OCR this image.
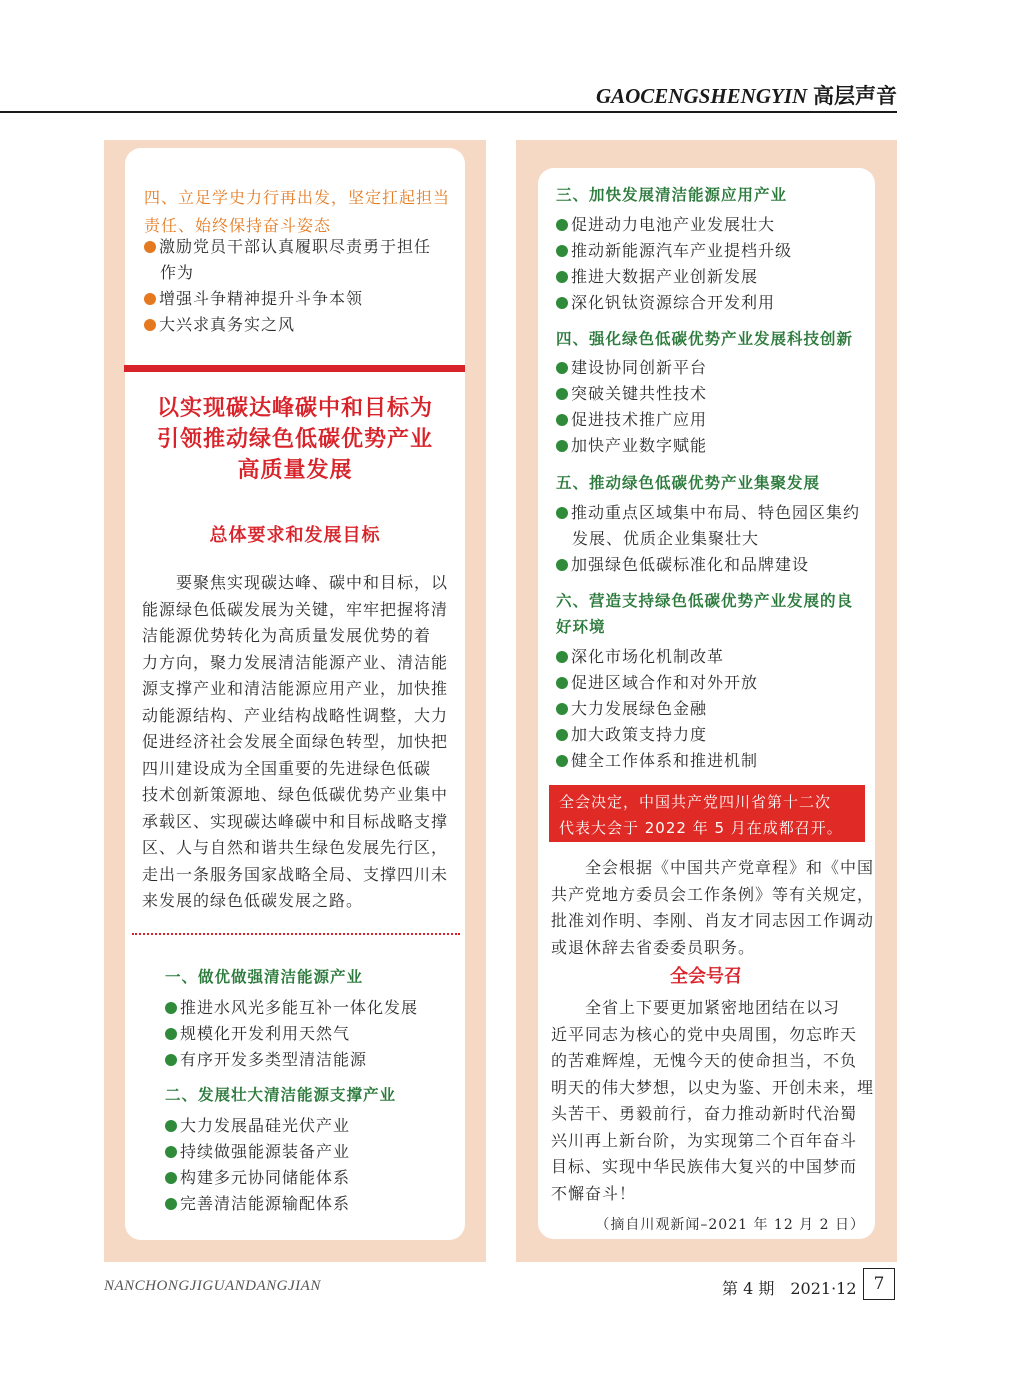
GAOCENGSHENGYIN 高层声音
四、立足学史力行再出发，坚定扛起担当
责任、始终保持奋斗姿态
激励党员干部认真履职尽责勇于担任
作为
增强斗争精神提升斗争本领
大兴求真务实之风
以实现碳达峰碳中和目标为
引领推动绿色低碳优势产业
高质量发展
总体要求和发展目标

　　要聚焦实现碳达峰、碳中和目标，以

能源绿色低碳发展为关键，牢牢把握将清

洁能源优势转化为高质量发展优势的着

力方向，聚力发展清洁能源产业、清洁能

源支撑产业和清洁能源应用产业，加快推

动能源结构、产业结构战略性调整，大力

促进经济社会发展全面绿色转型，加快把

四川建设成为全国重要的先进绿色低碳

技术创新策源地、绿色低碳优势产业集中

承载区、实现碳达峰碳中和目标战略支撑

区、人与自然和谐共生绿色发展先行区，

走出一条服务国家战略全局、支撑四川未

来发展的绿色低碳发展之路。

一、做优做强清洁能源产业
推进水风光多能互补一体化发展
规模化开发利用天然气
有序开发多类型清洁能源
二、发展壮大清洁能源支撑产业
大力发展晶硅光伏产业
持续做强能源装备产业
构建多元协同储能体系
完善清洁能源输配体系
三、加快发展清洁能源应用产业
促进动力电池产业发展壮大
推动新能源汽车产业提档升级
推进大数据产业创新发展
深化钒钛资源综合开发利用
四、强化绿色低碳优势产业发展科技创新
建设协同创新平台
突破关键共性技术
促进技术推广应用
加快产业数字赋能
五、推动绿色低碳优势产业集聚发展
推动重点区域集中布局、特色园区集约
发展、优质企业集聚壮大
加强绿色低碳标准化和品牌建设
六、营造支持绿色低碳优势产业发展的良
好环境
深化市场化机制改革
促进区域合作和对外开放
大力发展绿色金融
加大政策支持力度
健全工作体系和推进机制
全会决定，中国共产党四川省第十二次
代表大会于 2022 年 5 月在成都召开。

　　全会根据《中国共产党章程》和《中国

共产党地方委员会工作条例》等有关规定，

批准刘作明、李刚、肖友才同志因工作调动

或退休辞去省委委员职务。

全会号召

　　全省上下要更加紧密地团结在以习

近平同志为核心的党中央周围，勿忘昨天

的苦难辉煌，无愧今天的使命担当，不负

明天的伟大梦想，以史为鉴、开创未来，埋

头苦干、勇毅前行，奋力推动新时代治蜀

兴川再上新台阶，为实现第二个百年奋斗

目标、实现中华民族伟大复兴的中国梦而

不懈奋斗！

（摘自川观新闻–2021 年 12 月 2 日）
NANCHONGJIGUANDANGJIAN	第 4 期　2021·12	7
